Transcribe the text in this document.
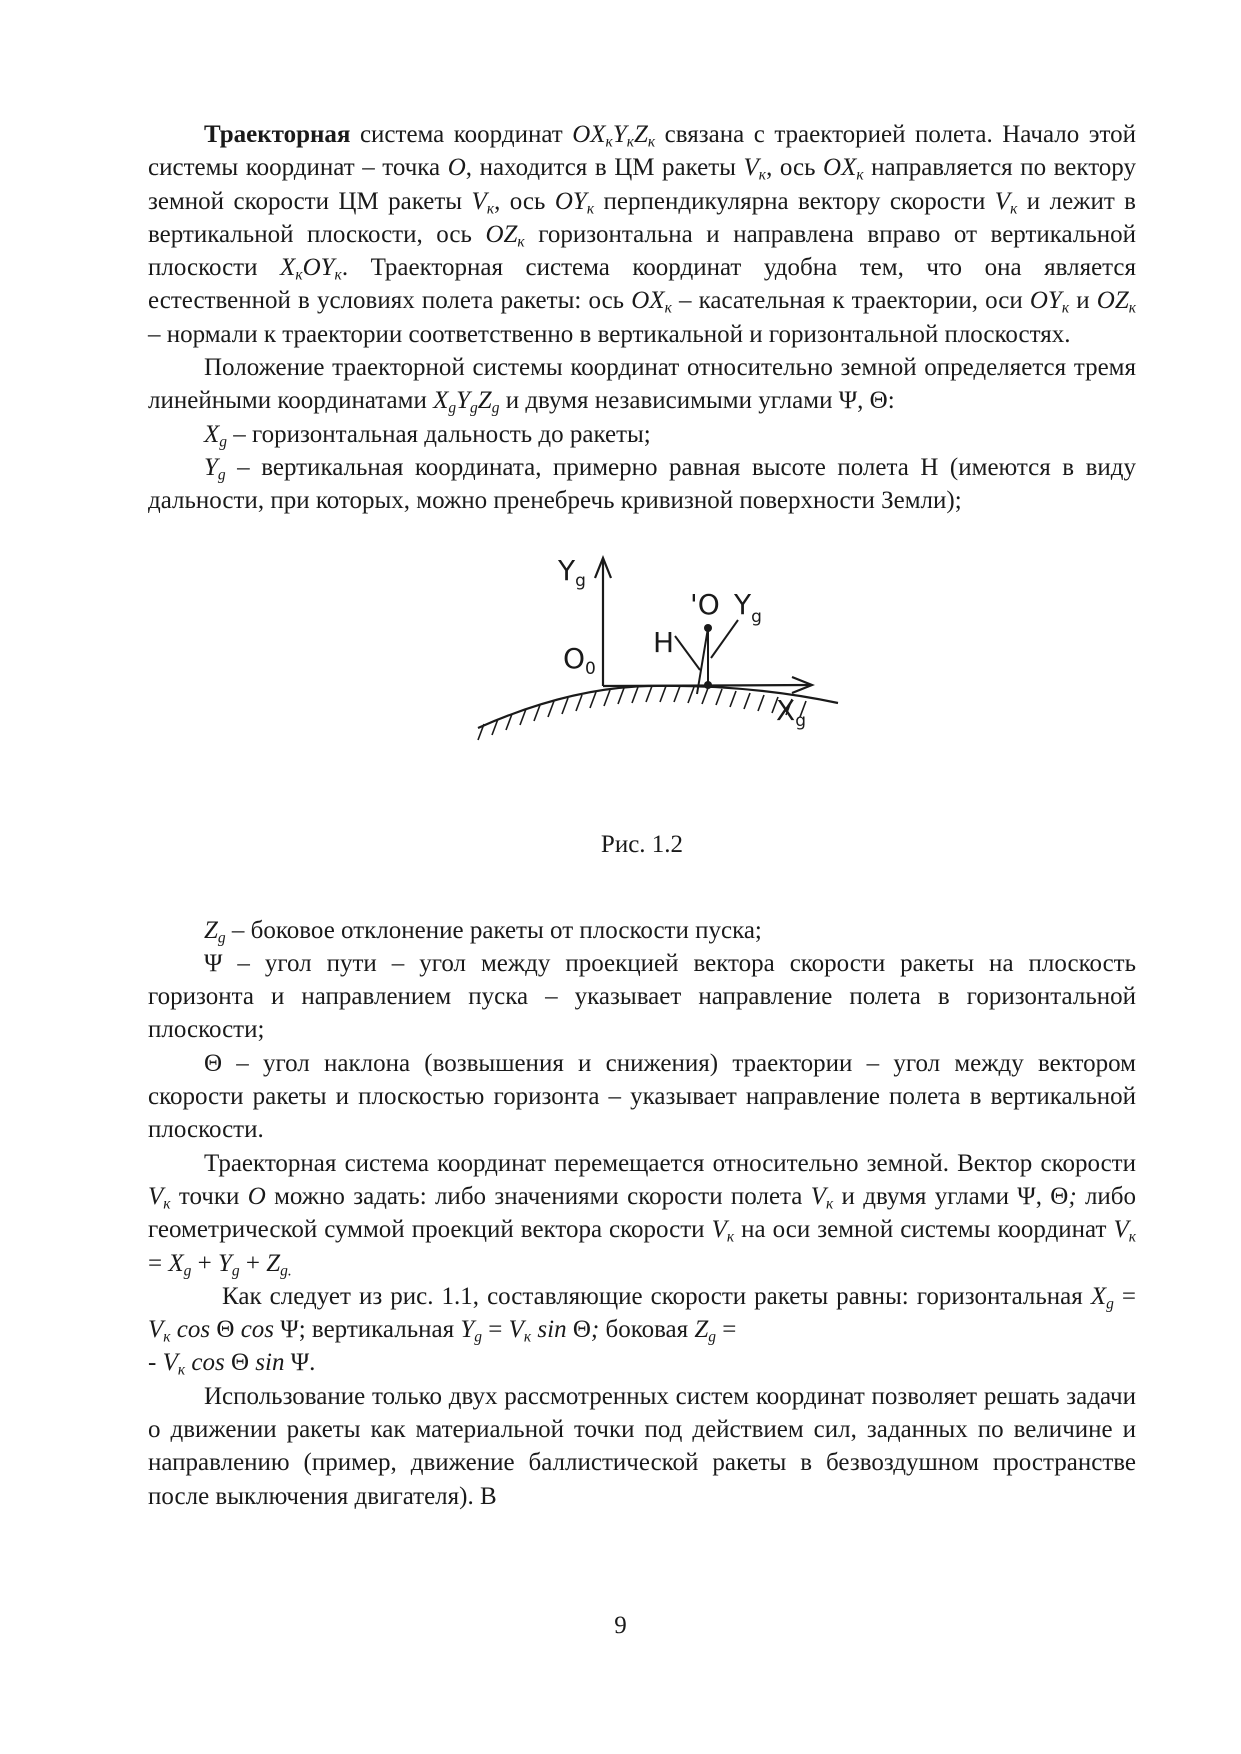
Траекторная система координат $OX_кY_кZ_к$ связана с траекторией полета. Начало этой системы координат – точка O, находится в ЦМ ракеты $V_к$, ось $OX_к$ направляется по вектору земной скорости ЦМ ракеты $V_к$, ось $OY_к$ перпендикулярна вектору скорости $V_к$ и лежит в вертикальной плоскости, ось $OZ_к$ горизонтальна и направлена вправо от вертикальной плоскости $X_кOY_к$. Траекторная система координат удобна тем, что она является естественной в условиях полета ракеты: ось $OX_к$ – касательная к траектории, оси $OY_к$ и $OZ_к$ – нормали к траектории соответственно в вертикальной и горизонтальной плоскостях.

Положение траекторной системы координат относительно земной определяется тремя линейными координатами $X_gY_gZ_g$ и двумя независимыми углами Ψ, Θ:

$X_g$ – горизонтальная дальность до ракеты;

$Y_g$ – вертикальная координата, примерно равная высоте полета H (имеются в виду дальности, при которых, можно пренебречь кривизной поверхности Земли);

$Y_g$
'O $Y_g$
H
$O_0$
$X_g$

Рис. 1.2

$Z_g$ – боковое отклонение ракеты от плоскости пуска;

Ψ – угол пути – угол между проекцией вектора скорости ракеты на плоскость горизонта и направлением пуска – указывает направление полета в горизонтальной плоскости;

Θ – угол наклона (возвышения и снижения) траектории – угол между вектором скорости ракеты и плоскостью горизонта – указывает направление полета в вертикальной плоскости.

Траекторная система координат перемещается относительно земной. Вектор скорости $V_к$ точки O можно задать: либо значениями скорости полета $V_к$ и двумя углами Ψ, Θ; либо геометрической суммой проекций вектора скорости $V_к$ на оси земной системы координат $V_к = X_g + Y_g + Z_{g.}$

Как следует из рис. 1.1, составляющие скорости ракеты равны: горизонтальная $X_g = V_к$ cos Θ cos Ψ; вертикальная $Y_g = V_к$ sin Θ; боковая $Z_g$ =

- $V_к$ cos Θ sin Ψ.

Использование только двух рассмотренных систем координат позволяет решать задачи о движении ракеты как материальной точки под действием сил, заданных по величине и направлению (пример, движение баллистической ракеты в безвоздушном пространстве после выключения двигателя). В

9
